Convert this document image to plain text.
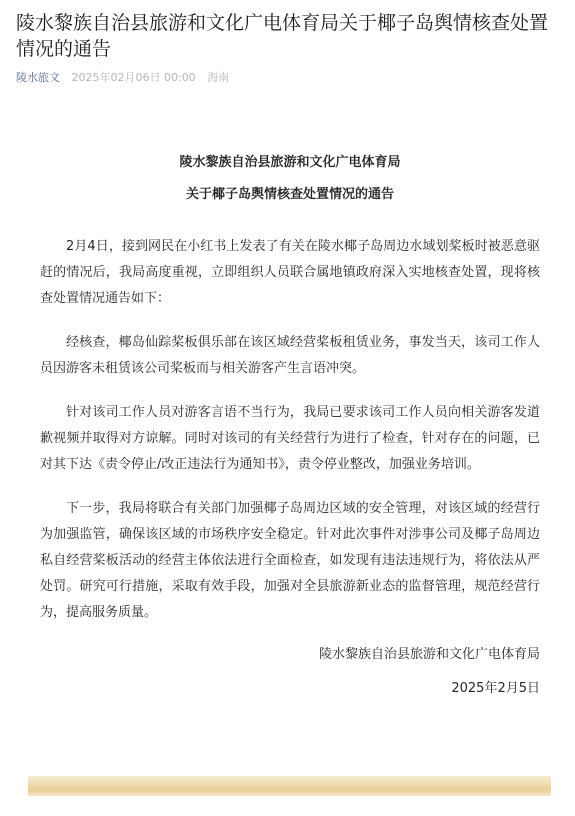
陵水黎族自治县旅游和文化广电体育局关于椰子岛舆情核查处置情况的通告
陵水旅文 2025年02月06日 00:00 海南

陵水黎族自治县旅游和文化广电体育局

关于椰子岛舆情核查处置情况的通告

2月4日，接到网民在小红书上发表了有关在陵水椰子岛周边水域划桨板时被恶意驱赶的情况后，我局高度重视，立即组织人员联合属地镇政府深入实地核查处置，现将核查处置情况通告如下：

经核查，椰岛仙踪桨板俱乐部在该区域经营桨板租赁业务，事发当天，该司工作人员因游客未租赁该公司桨板而与相关游客产生言语冲突。

针对该司工作人员对游客言语不当行为，我局已要求该司工作人员向相关游客发道歉视频并取得对方谅解。同时对该司的有关经营行为进行了检查，针对存在的问题，已对其下达《责令停止/改正违法行为通知书》，责令停业整改，加强业务培训。

下一步，我局将联合有关部门加强椰子岛周边区域的安全管理，对该区域的经营行为加强监管，确保该区域的市场秩序安全稳定。针对此次事件对涉事公司及椰子岛周边私自经营桨板活动的经营主体依法进行全面检查，如发现有违法违规行为，将依法从严处罚。研究可行措施，采取有效手段，加强对全县旅游新业态的监督管理，规范经营行为，提高服务质量。

陵水黎族自治县旅游和文化广电体育局
2025年2月5日
